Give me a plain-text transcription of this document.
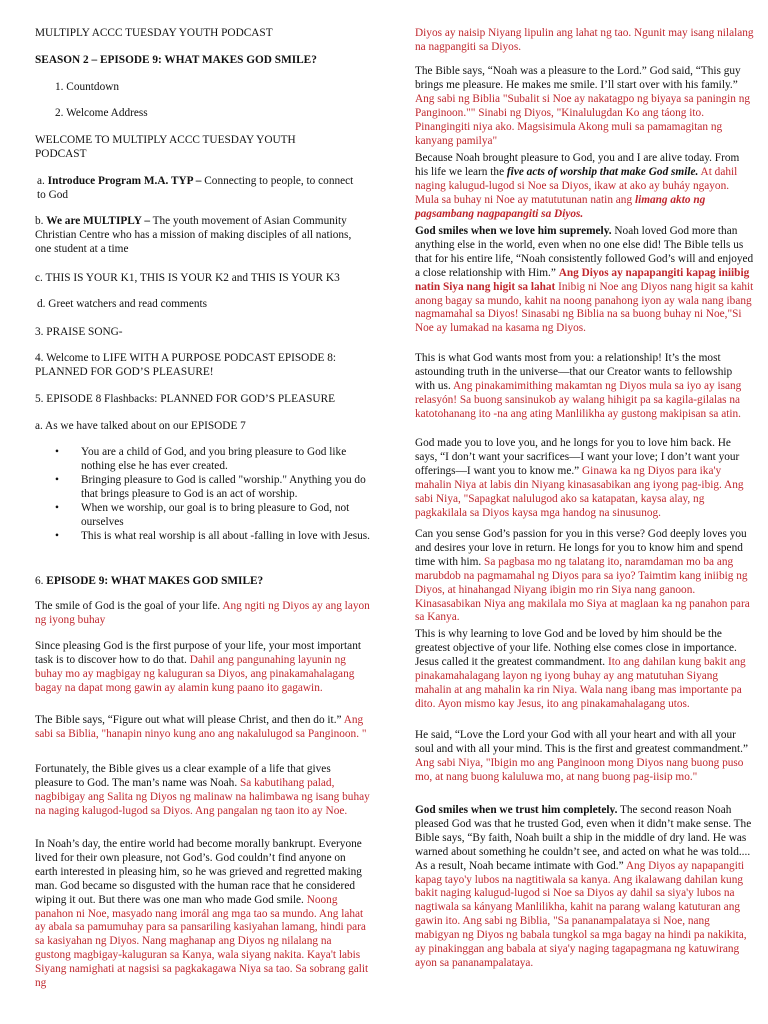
MULTIPLY ACCC TUESDAY YOUTH PODCAST

SEASON 2 – EPISODE 9: WHAT MAKES GOD SMILE?

1. Countdown

2. Welcome Address

WELCOME TO MULTIPLY ACCC TUESDAY YOUTH PODCAST

a. Introduce Program M.A. TYP – Connecting to people, to connect to God

b. We are MULTIPLY – The youth movement of Asian Community Christian Centre who has a mission of making disciples of all nations, one student at a time

c. THIS IS YOUR K1, THIS IS YOUR K2 and THIS IS YOUR K3

d. Greet watchers and read comments

3. PRAISE SONG-

4. Welcome to LIFE WITH A PURPOSE PODCAST EPISODE 8: PLANNED FOR GOD’S PLEASURE!

5. EPISODE 8 Flashbacks: PLANNED FOR GOD’S PLEASURE

a. As we have talked about on our EPISODE 7

•	You are a child of God, and you bring pleasure to God like nothing else he has ever created.
•	Bringing pleasure to God is called "worship." Anything you do that brings pleasure to God is an act of worship.
•	When we worship, our goal is to bring pleasure to God, not ourselves
•	This is what real worship is all about -falling in love with Jesus.

6. EPISODE 9: WHAT MAKES GOD SMILE?

The smile of God is the goal of your life. Ang ngiti ng Diyos ay ang layon ng iyong buhay

Since pleasing God is the first purpose of your life, your most important task is to discover how to do that. Dahil ang pangunahing layunin ng buhay mo ay magbigay ng kaluguran sa Diyos, ang pinakamahalagang bagay na dapat mong gawin ay alamin kung paano ito gagawin.

The Bible says, “Figure out what will please Christ, and then do it.” Ang sabi sa Biblia, "hanapin ninyo kung ano ang nakalulugod sa Panginoon. "

Fortunately, the Bible gives us a clear example of a life that gives pleasure to God. The man’s name was Noah. Sa kabutihang palad, nagbibigay ang Salita ng Diyos ng malinaw na halimbawa ng isang buhay na naging kalugod-lugod sa Diyos. Ang pangalan ng taon ito ay Noe.

In Noah’s day, the entire world had become morally bankrupt. Everyone lived for their own pleasure, not God’s. God couldn’t find anyone on earth interested in pleasing him, so he was grieved and regretted making man. God became so disgusted with the human race that he considered wiping it out. But there was one man who made God smile. Noong panahon ni Noe, masyado nang imorál ang mga tao sa mundo. Ang lahat ay abala sa pamumuhay para sa pansariling kasiyahan lamang, hindi para sa kasiyahan ng Diyos. Nang maghanap ang Diyos ng nilalang na gustong magbigay-kaluguran sa Kanya, wala siyang nakita. Kaya't labis Siyang namighati at nagsisi sa pagkakagawa Niya sa tao. Sa sobrang galit ng

Diyos ay naisip Niyang lipulin ang lahat ng tao. Ngunit may isang nilalang na nagpangiti sa Diyos.

The Bible says, “Noah was a pleasure to the Lord.” God said, “This guy brings me pleasure. He makes me smile. I’ll start over with his family.” Ang sabi ng Biblia "Subalit si Noe ay nakatagpo ng biyaya sa paningin ng Panginoon."" Sinabi ng Diyos, "Kinalulugdan Ko ang táong ito. Pinangingiti niya ako. Magsisimula Akong muli sa pamamagitan ng kanyang pamilya"

Because Noah brought pleasure to God, you and I are alive today. From his life we learn the five acts of worship that make God smile. At dahil naging kalugud-lugod si Noe sa Diyos, ikaw at ako ay buháy ngayon. Mula sa buhay ni Noe ay matututunan natin ang limang akto ng pagsambang nagpapangiti sa Diyos.

God smiles when we love him supremely. Noah loved God more than anything else in the world, even when no one else did! The Bible tells us that for his entire life, “Noah consistently followed God’s will and enjoyed a close relationship with Him.” Ang Diyos ay napapangiti kapag iniibig natin Siya nang higit sa lahat Inibig ni Noe ang Diyos nang higit sa kahit anong bagay sa mundo, kahit na noong panahong iyon ay wala nang ibang nagmamahal sa Diyos! Sinasabi ng Biblia na sa buong buhay ni Noe,"Si Noe ay lumakad na kasama ng Diyos.

This is what God wants most from you: a relationship! It’s the most astounding truth in the universe—that our Creator wants to fellowship with us. Ang pinakamimithing makamtan ng Diyos mula sa iyo ay isang relasyón! Sa buong sansinukob ay walang hihigit pa sa kagila-gilalas na katotohanang ito -na ang ating Manlilikha ay gustong makipisan sa atin.

God made you to love you, and he longs for you to love him back. He says, “I don’t want your sacrifices—I want your love; I don’t want your offerings—I want you to know me.” Ginawa ka ng Diyos para ika'y mahalin Niya at labis din Niyang kinasasabikan ang iyong pag-ibig. Ang sabi Niya, "Sapagkat nalulugod ako sa katapatan, kaysa alay, ng pagkakilala sa Diyos kaysa mga handog na sinusunog.

Can you sense God’s passion for you in this verse? God deeply loves you and desires your love in return. He longs for you to know him and spend time with him. Sa pagbasa mo ng talatang ito, naramdaman mo ba ang marubdob na pagmamahal ng Diyos para sa iyo? Taimtim kang iniibig ng Diyos, at hinahangad Niyang ibigin mo rin Siya nang ganoon. Kinasasabikan Niya ang makilala mo Siya at maglaan ka ng panahon para sa Kanya.

This is why learning to love God and be loved by him should be the greatest objective of your life. Nothing else comes close in importance. Jesus called it the greatest commandment. Ito ang dahilan kung bakit ang pinakamahalagang layon ng iyong buhay ay ang matutuhan Siyang mahalin at ang mahalin ka rin Niya. Wala nang ibang mas importante pa dito. Ayon mismo kay Jesus, ito ang pinakamahalagang utos.

He said, “Love the Lord your God with all your heart and with all your soul and with all your mind. This is the first and greatest commandment.” Ang sabi Niya, "Ibigin mo ang Panginoon mong Diyos nang buong puso mo, at nang buong kaluluwa mo, at nang buong pag-iisip mo."

God smiles when we trust him completely. The second reason Noah pleased God was that he trusted God, even when it didn’t make sense. The Bible says, “By faith, Noah built a ship in the middle of dry land. He was warned about something he couldn’t see, and acted on what he was told.... As a result, Noah became intimate with God.” Ang Diyos ay napapangiti kapag tayo'y lubos na nagtitiwala sa kanya. Ang ikalawang dahilan kung bakit naging kalugud-lugod si Noe sa Diyos ay dahil sa siya'y lubos na nagtiwala sa kányang Manlilikha, kahit na parang walang katuturan ang gawin ito. Ang sabi ng Biblia, "Sa pananampalataya si Noe, nang mabigyan ng Diyos ng babala tungkol sa mga bagay na hindi pa nakikita, ay pinakinggan ang babala at siya'y naging tagapagmana ng katuwirang ayon sa pananampalataya.
